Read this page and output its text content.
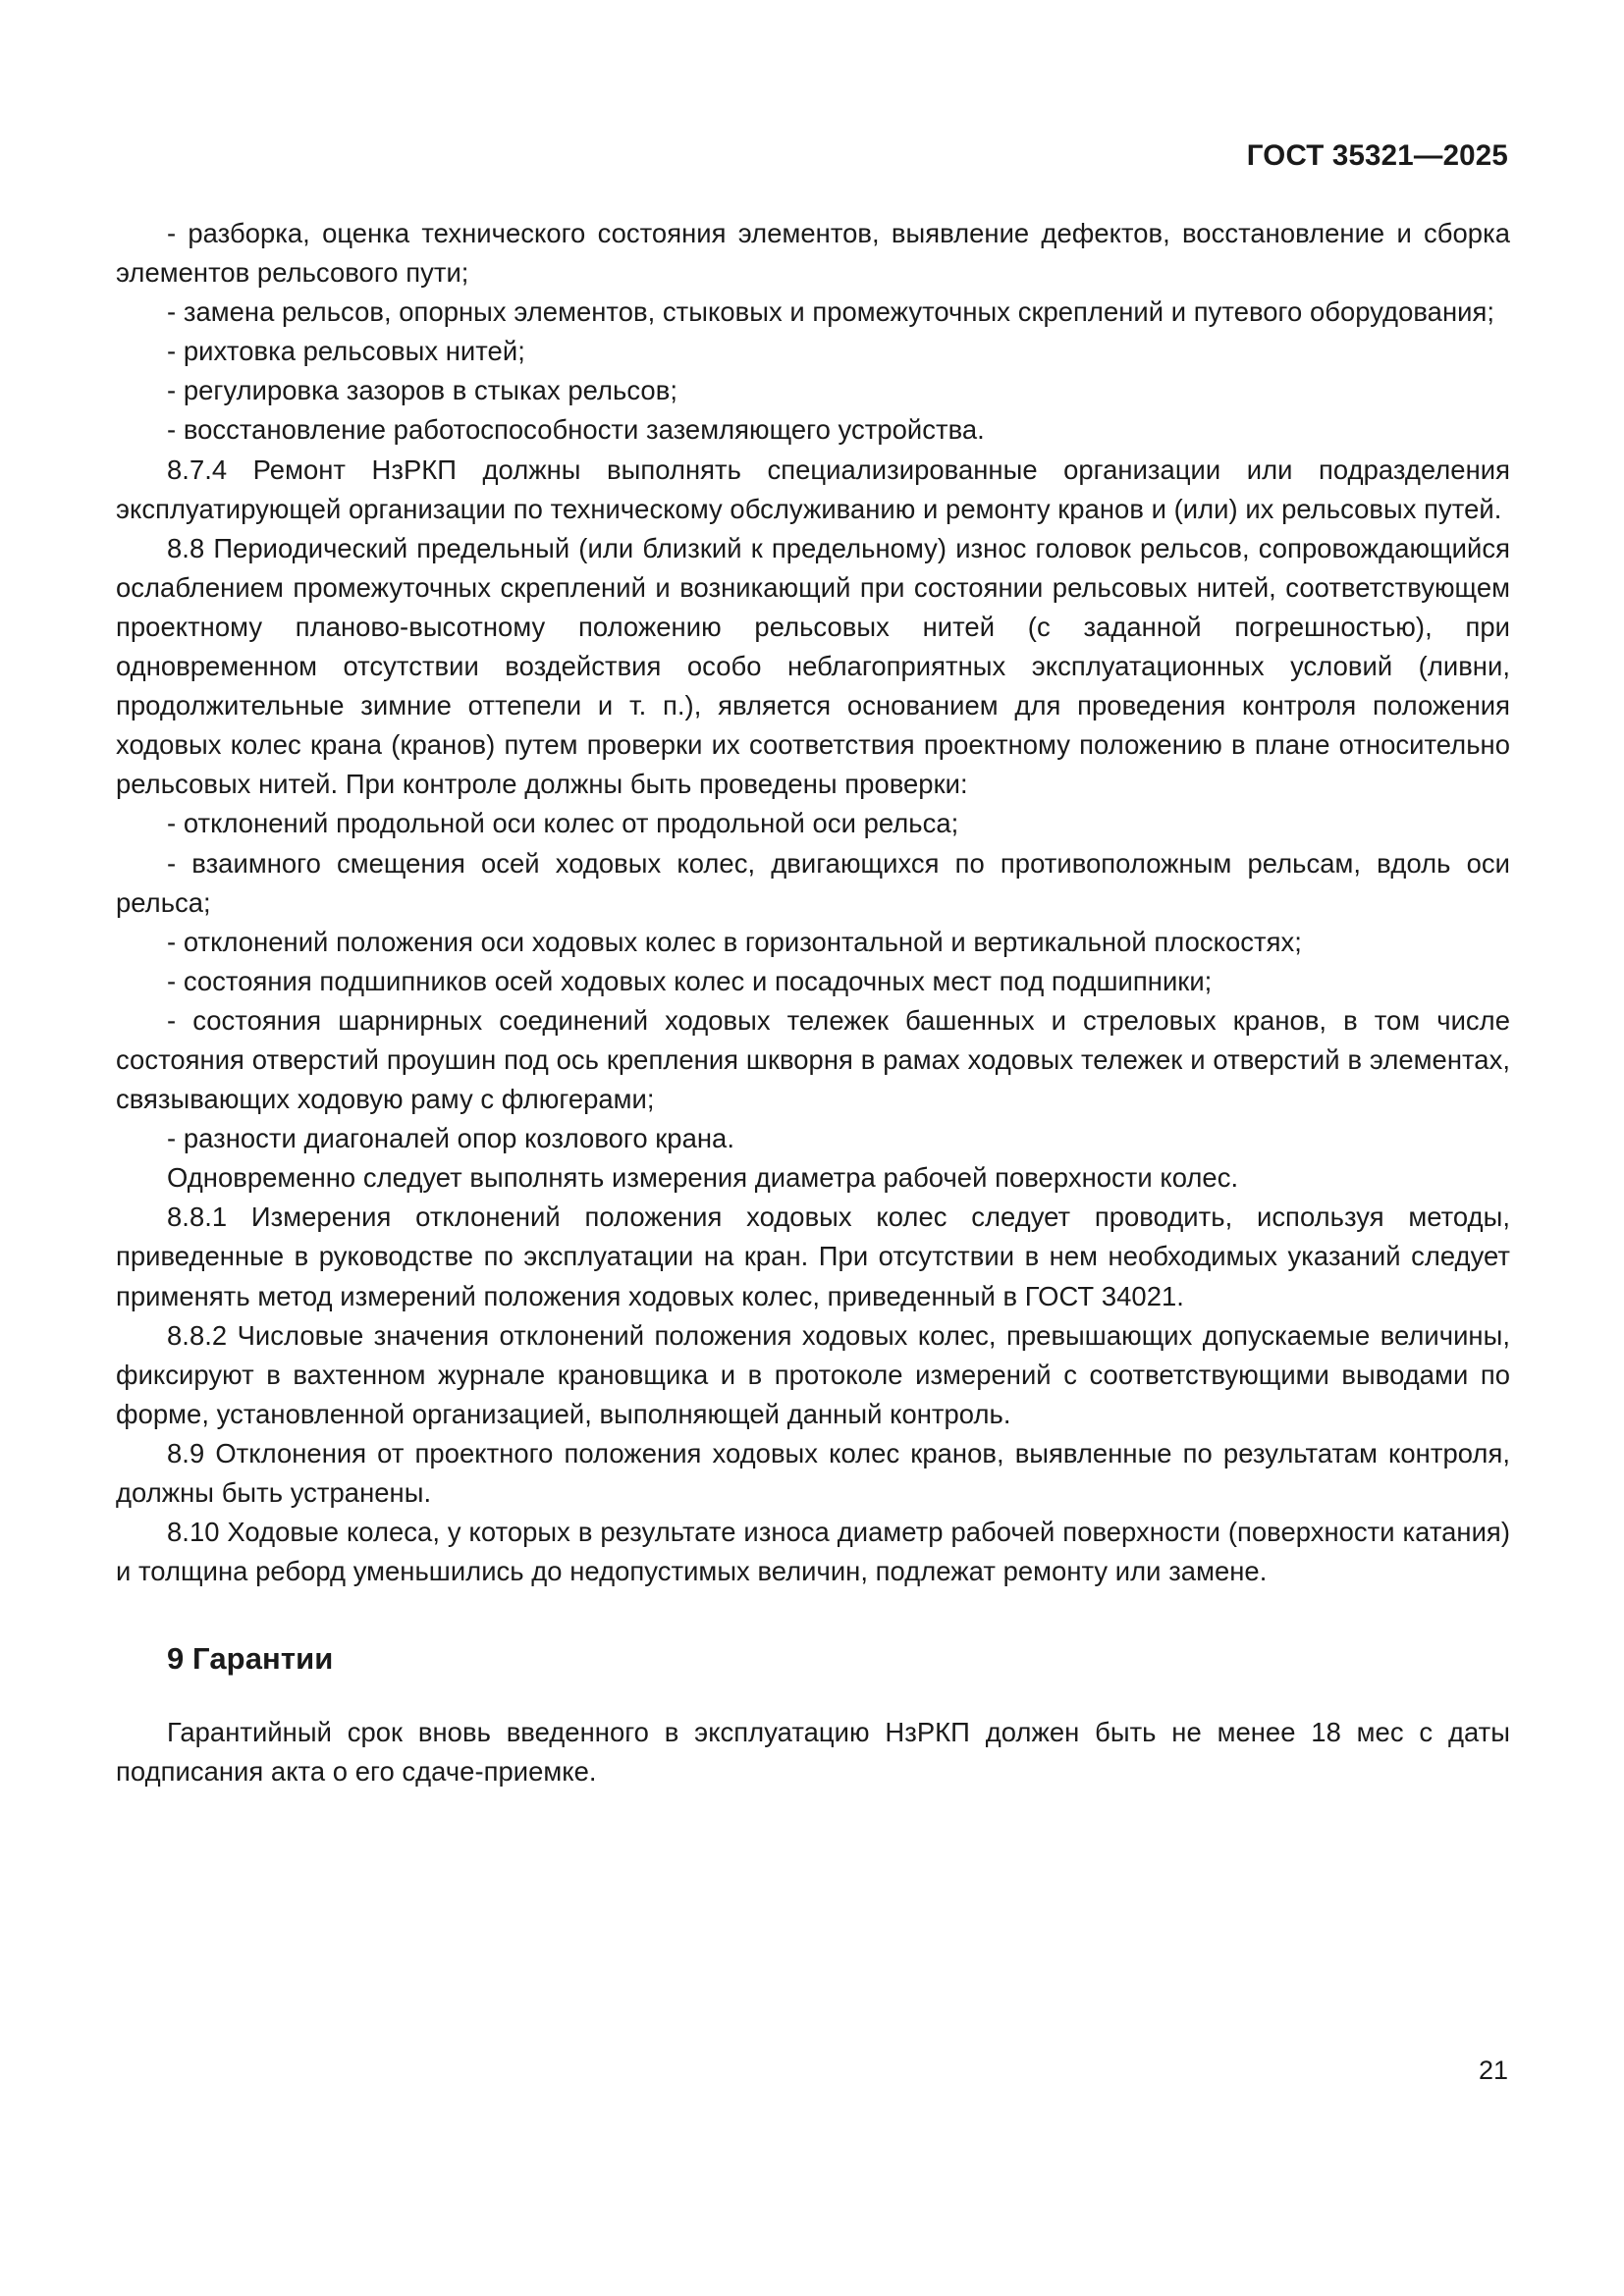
ГОСТ 35321—2025

- разборка, оценка технического состояния элементов, выявление дефектов, восстановление и сборка элементов рельсового пути;

- замена рельсов, опорных элементов, стыковых и промежуточных скреплений и путевого оборудования;

- рихтовка рельсовых нитей;

- регулировка зазоров в стыках рельсов;

- восстановление работоспособности заземляющего устройства.

8.7.4 Ремонт НзРКП должны выполнять специализированные организации или подразделения эксплуатирующей организации по техническому обслуживанию и ремонту кранов и (или) их рельсовых путей.

8.8 Периодический предельный (или близкий к предельному) износ головок рельсов, сопровождающийся ослаблением промежуточных скреплений и возникающий при состоянии рельсовых нитей, соответствующем проектному планово-высотному положению рельсовых нитей (с заданной погрешностью), при одновременном отсутствии воздействия особо неблагоприятных эксплуатационных условий (ливни, продолжительные зимние оттепели и т. п.), является основанием для проведения контроля положения ходовых колес крана (кранов) путем проверки их соответствия проектному положению в плане относительно рельсовых нитей. При контроле должны быть проведены проверки:

- отклонений продольной оси колес от продольной оси рельса;

- взаимного смещения осей ходовых колес, двигающихся по противоположным рельсам, вдоль оси рельса;

- отклонений положения оси ходовых колес в горизонтальной и вертикальной плоскостях;

- состояния подшипников осей ходовых колес и посадочных мест под подшипники;

- состояния шарнирных соединений ходовых тележек башенных и стреловых кранов, в том числе состояния отверстий проушин под ось крепления шкворня в рамах ходовых тележек и отверстий в элементах, связывающих ходовую раму с флюгерами;

- разности диагоналей опор козлового крана.

Одновременно следует выполнять измерения диаметра рабочей поверхности колес.

8.8.1 Измерения отклонений положения ходовых колес следует проводить, используя методы, приведенные в руководстве по эксплуатации на кран. При отсутствии в нем необходимых указаний следует применять метод измерений положения ходовых колес, приведенный в ГОСТ 34021.

8.8.2 Числовые значения отклонений положения ходовых колес, превышающих допускаемые величины, фиксируют в вахтенном журнале крановщика и в протоколе измерений с соответствующими выводами по форме, установленной организацией, выполняющей данный контроль.

8.9 Отклонения от проектного положения ходовых колес кранов, выявленные по результатам контроля, должны быть устранены.

8.10 Ходовые колеса, у которых в результате износа диаметр рабочей поверхности (поверхности катания) и толщина реборд уменьшились до недопустимых величин, подлежат ремонту или замене.

9 Гарантии

Гарантийный срок вновь введенного в эксплуатацию НзРКП должен быть не менее 18 мес с даты подписания акта о его сдаче-приемке.

21
